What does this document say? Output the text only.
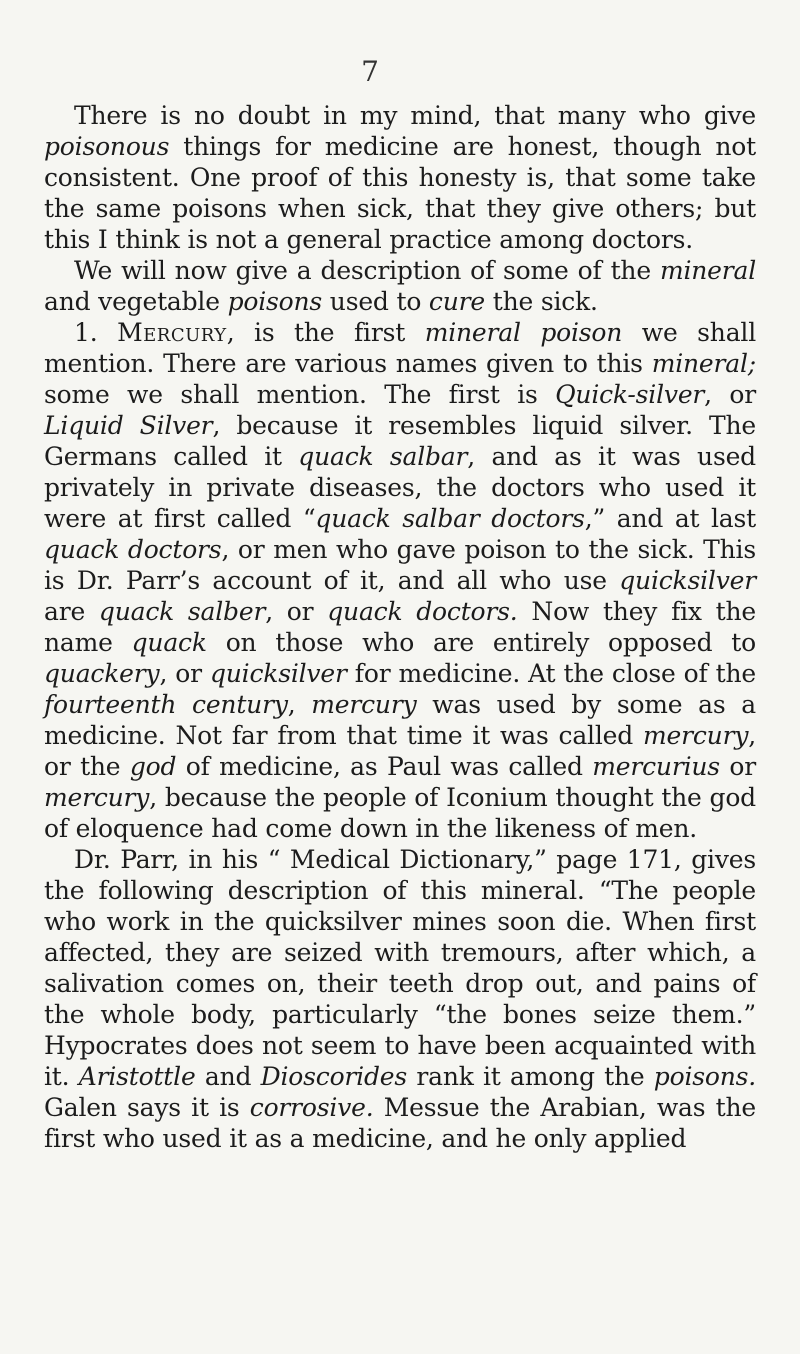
7

There is no doubt in my mind, that many who give poisonous things for medicine are honest, though not consistent. One proof of this honesty is, that some take the same poisons when sick, that they give others; but this I think is not a general practice among doctors.

We will now give a description of some of the mineral and vegetable poisons used to cure the sick.

1. Mercury, is the first mineral poison we shall mention. There are various names given to this mineral; some we shall mention. The first is Quick-silver, or Liquid Silver, because it resembles liquid silver. The Germans called it quack salbar, and as it was used privately in private diseases, the doctors who used it were at first called “quack salbar doctors,” and at last quack doctors, or men who gave poison to the sick. This is Dr. Parr’s account of it, and all who use quicksilver are quack salber, or quack doctors. Now they fix the name quack on those who are entirely opposed to quackery, or quicksilver for medicine. At the close of the fourteenth century, mercury was used by some as a medicine. Not far from that time it was called mercury, or the god of medicine, as Paul was called mercurius or mercury, because the people of Iconium thought the god of eloquence had come down in the likeness of men.

Dr. Parr, in his “ Medical Dictionary,” page 171, gives the following description of this mineral. “The people who work in the quicksilver mines soon die. When first affected, they are seized with tremours, after which, a salivation comes on, their teeth drop out, and pains of the whole body, particularly “the bones seize them.” Hypocrates does not seem to have been acquainted with it. Aristottle and Dioscorides rank it among the poisons. Galen says it is corrosive. Messue the Arabian, was the first who used it as a medicine, and he only applied
